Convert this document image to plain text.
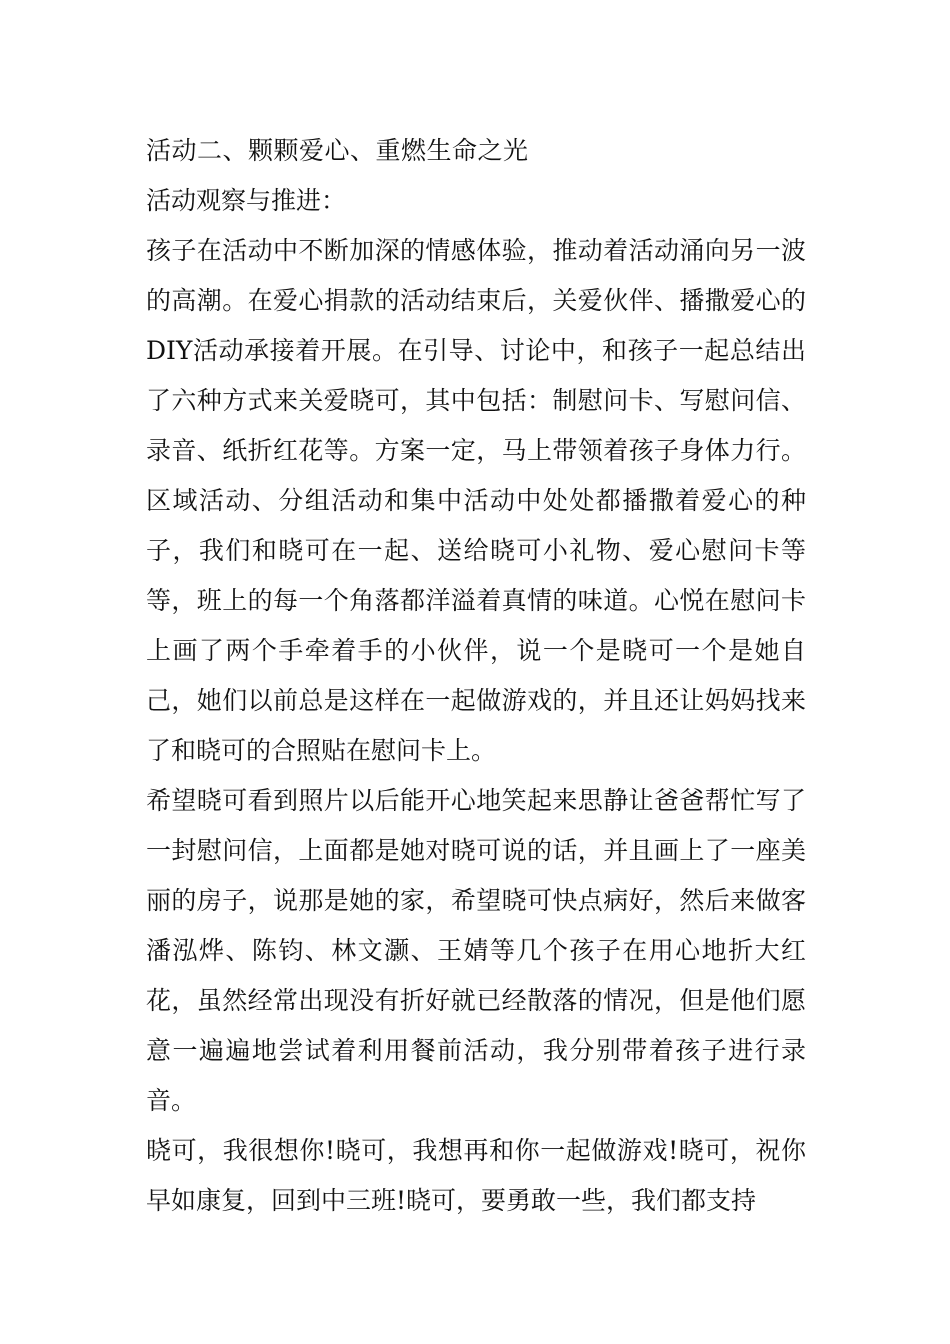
活动二、颗颗爱心、重燃生命之光

活动观察与推进：

孩子在活动中不断加深的情感体验，推动着活动涌向另一波的高潮。在爱心捐款的活动结束后，关爱伙伴、播撒爱心的DIY活动承接着开展。在引导、讨论中，和孩子一起总结出了六种方式来关爱晓可，其中包括：制慰问卡、写慰问信、录音、纸折红花等。方案一定，马上带领着孩子身体力行。区域活动、分组活动和集中活动中处处都播撒着爱心的种子，我们和晓可在一起、送给晓可小礼物、爱心慰问卡等等，班上的每一个角落都洋溢着真情的味道。心悦在慰问卡上画了两个手牵着手的小伙伴，说一个是晓可一个是她自己，她们以前总是这样在一起做游戏的，并且还让妈妈找来了和晓可的合照贴在慰问卡上。

希望晓可看到照片以后能开心地笑起来思静让爸爸帮忙写了一封慰问信，上面都是她对晓可说的话，并且画上了一座美丽的房子，说那是她的家，希望晓可快点病好，然后来做客潘泓烨、陈钧、林文灏、王婧等几个孩子在用心地折大红花，虽然经常出现没有折好就已经散落的情况，但是他们愿意一遍遍地尝试着利用餐前活动，我分别带着孩子进行录音。

晓可，我很想你!晓可，我想再和你一起做游戏!晓可，祝你早如康复，回到中三班!晓可，要勇敢一些，我们都支持
